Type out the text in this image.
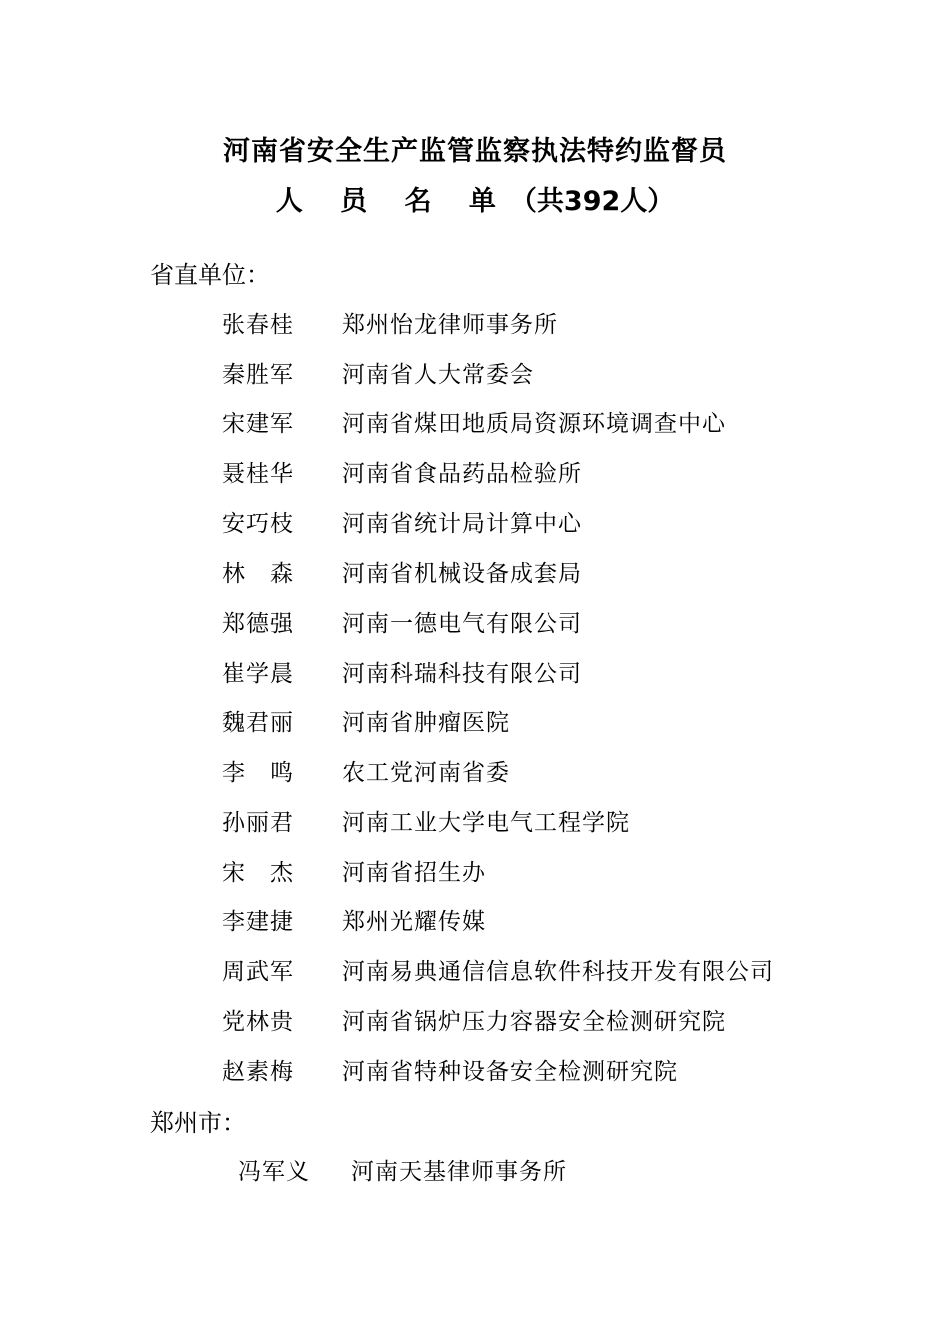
河南省安全生产监管监察执法特约监督员
人 员 名 单（共392人）
省直单位：
张春桂 郑州怡龙律师事务所
秦胜军 河南省人大常委会
宋建军 河南省煤田地质局资源环境调查中心
聂桂华 河南省食品药品检验所
安巧枝 河南省统计局计算中心
林　森 河南省机械设备成套局
郑德强 河南一德电气有限公司
崔学晨 河南科瑞科技有限公司
魏君丽 河南省肿瘤医院
李　鸣 农工党河南省委
孙丽君 河南工业大学电气工程学院
宋　杰 河南省招生办
李建捷 郑州光耀传媒
周武军 河南易典通信信息软件科技开发有限公司
党林贵 河南省锅炉压力容器安全检测研究院
赵素梅 河南省特种设备安全检测研究院
郑州市：
冯军义 河南天基律师事务所
